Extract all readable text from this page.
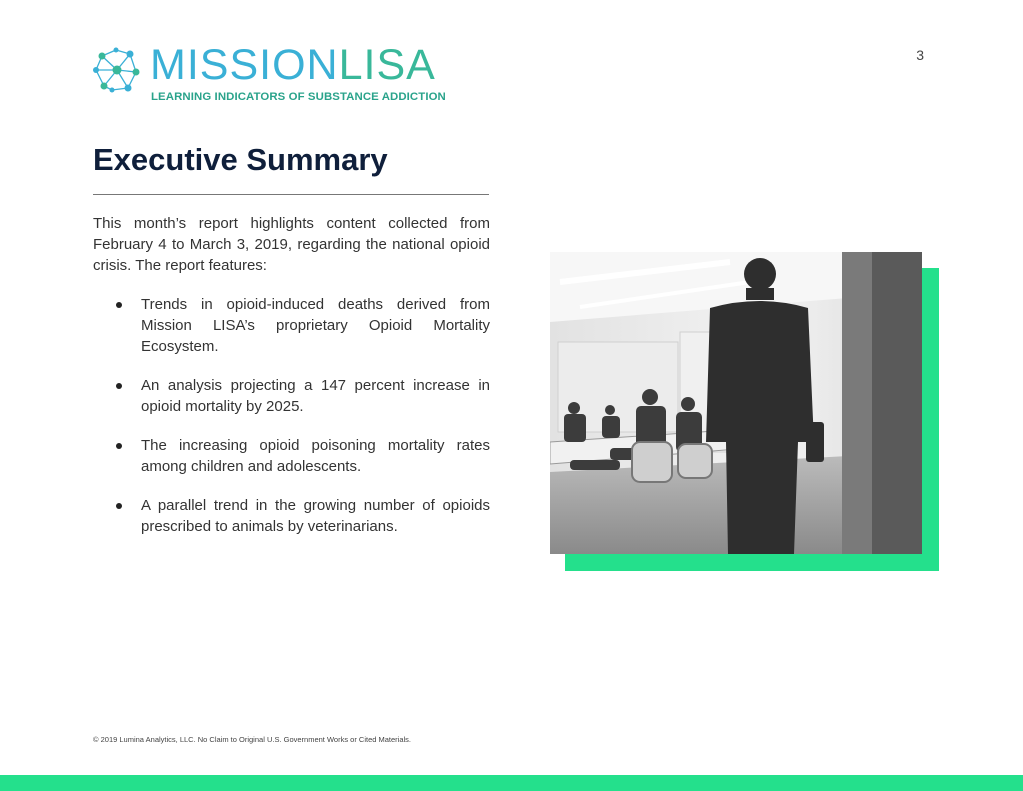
3
MISSIONLISA
LEARNING INDICATORS OF SUBSTANCE ADDICTION
Executive Summary

This month’s report highlights content collected from February 4 to March 3, 2019, regarding the national opioid crisis. The report features:

Trends in opioid-induced deaths derived from Mission LISA’s proprietary Opioid Mortality Ecosystem.
An analysis projecting a 147 percent increase in opioid mortality by 2025.
The increasing opioid poisoning mortality rates among children and adolescents.
A parallel trend in the growing number of opioids prescribed to animals by veterinarians.
© 2019 Lumina Analytics, LLC. No Claim to Original U.S. Government Works or Cited Materials.
